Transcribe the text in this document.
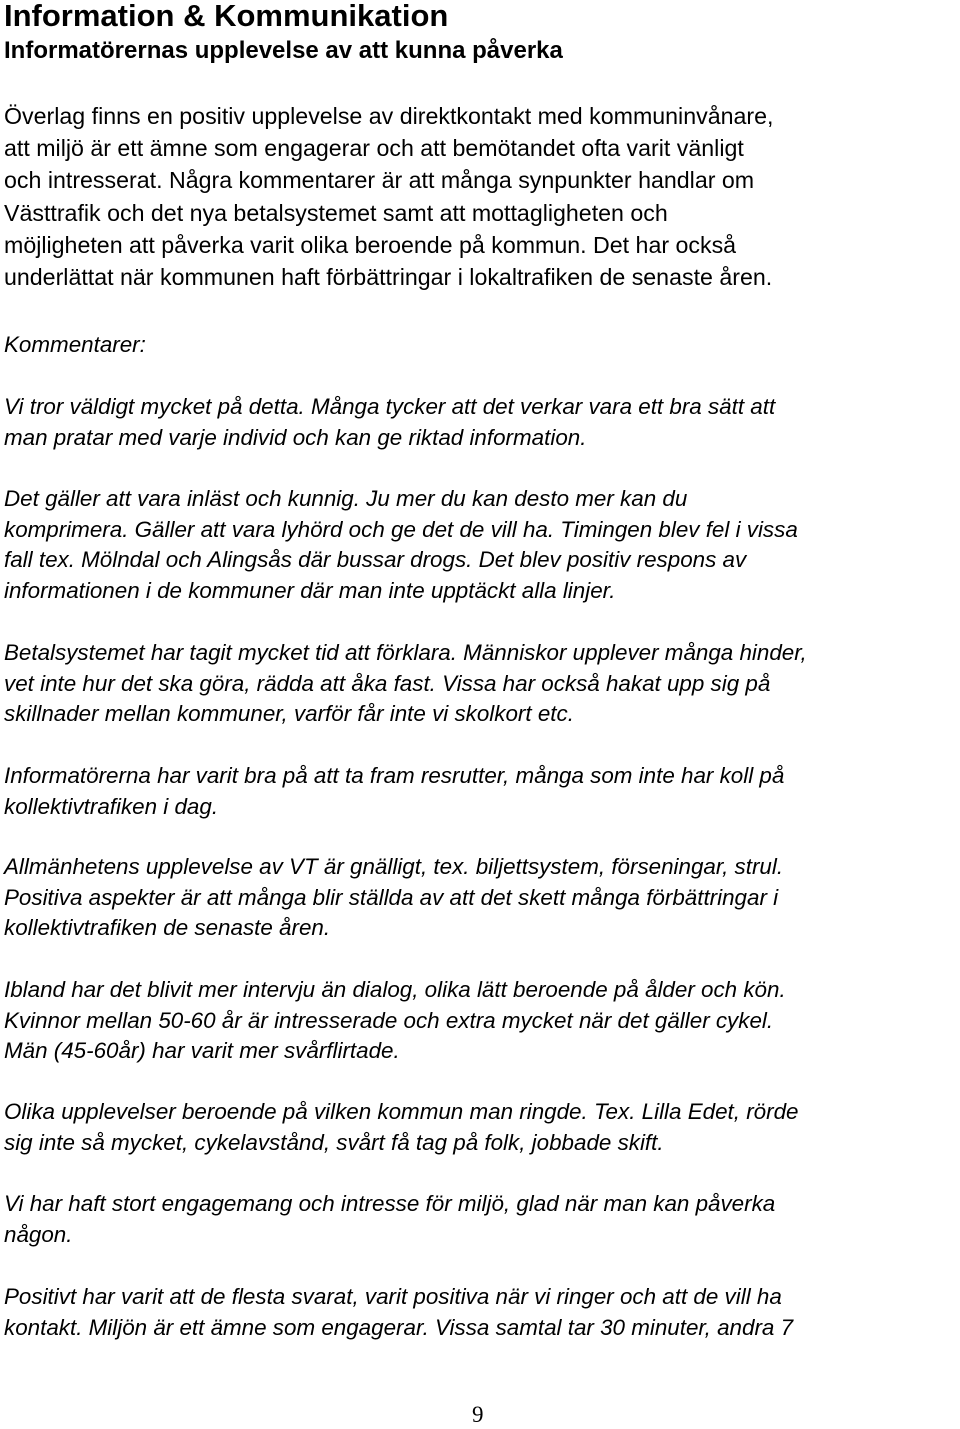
Information & Kommunikation
Informatörernas upplevelse av att kunna påverka

Överlag finns en positiv upplevelse av direktkontakt med kommuninvånare,
att miljö är ett ämne som engagerar och att bemötandet ofta varit vänligt
och intresserat. Några kommentarer är att många synpunkter handlar om
Västtrafik och det nya betalsystemet samt att mottagligheten och
möjligheten att påverka varit olika beroende på kommun. Det har också
underlättat när kommunen haft förbättringar i lokaltrafiken de senaste åren.

Kommentarer:

Vi tror väldigt mycket på detta. Många tycker att det verkar vara ett bra sätt att
man pratar med varje individ och kan ge riktad information.

Det gäller att vara inläst och kunnig. Ju mer du kan desto mer kan du
komprimera. Gäller att vara lyhörd och ge det de vill ha. Timingen blev fel i vissa
fall tex. Mölndal och Alingsås där bussar drogs. Det blev positiv respons av
informationen i de kommuner där man inte upptäckt alla linjer.

Betalsystemet har tagit mycket tid att förklara. Människor upplever många hinder,
vet inte hur det ska göra, rädda att åka fast. Vissa har också hakat upp sig på
skillnader mellan kommuner, varför får inte vi skolkort etc.

Informatörerna har varit bra på att ta fram resrutter, många som inte har koll på
kollektivtrafiken i dag.

Allmänhetens upplevelse av VT är gnälligt, tex. biljettsystem, förseningar, strul.
Positiva aspekter är att många blir ställda av att det skett många förbättringar i
kollektivtrafiken de senaste åren.

Ibland har det blivit mer intervju än dialog, olika lätt beroende på ålder och kön.
Kvinnor mellan 50-60 år är intresserade och extra mycket när det gäller cykel.
Män (45-60år) har varit mer svårflirtade.

Olika upplevelser beroende på vilken kommun man ringde. Tex. Lilla Edet, rörde
sig inte så mycket, cykelavstånd, svårt få tag på folk, jobbade skift.

Vi har haft stort engagemang och intresse för miljö, glad när man kan påverka
någon.

Positivt har varit att de flesta svarat, varit positiva när vi ringer och att de vill ha
kontakt. Miljön är ett ämne som engagerar. Vissa samtal tar 30 minuter, andra 7

9
